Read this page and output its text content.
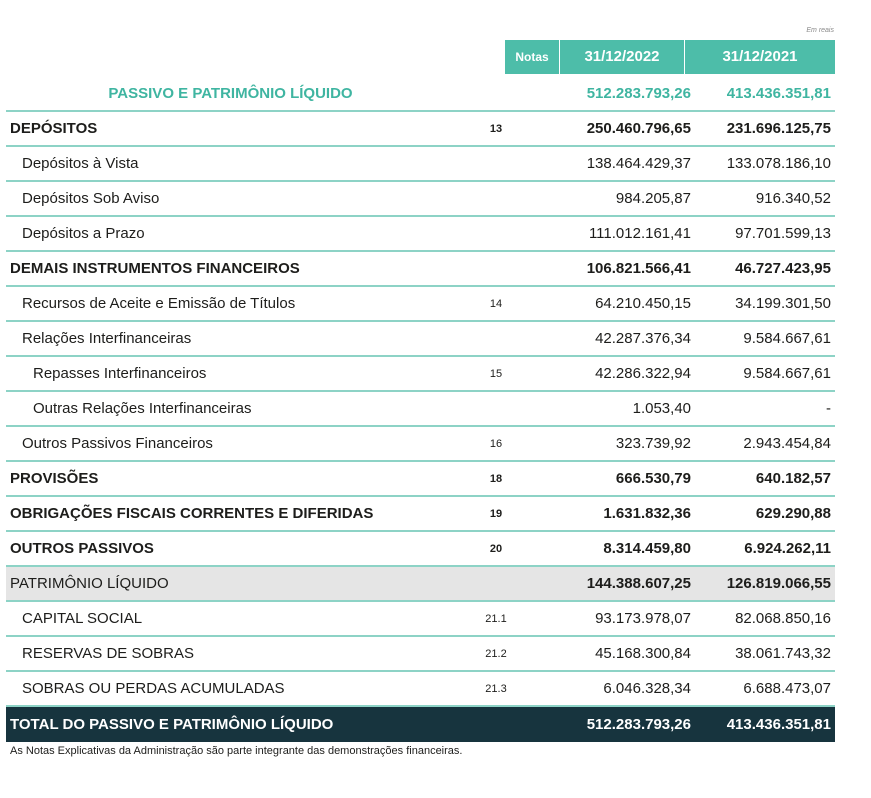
Em reais
Notas	31/12/2022	31/12/2021
PASSIVO E PATRIMÔNIO LÍQUIDO	512.283.793,26	413.436.351,81
DEPÓSITOS	13	250.460.796,65	231.696.125,75
Depósitos à Vista	138.464.429,37	133.078.186,10
Depósitos Sob Aviso	984.205,87	916.340,52
Depósitos a Prazo	111.012.161,41	97.701.599,13
DEMAIS INSTRUMENTOS FINANCEIROS	106.821.566,41	46.727.423,95
Recursos de Aceite e Emissão de Títulos	14	64.210.450,15	34.199.301,50
Relações Interfinanceiras	42.287.376,34	9.584.667,61
Repasses Interfinanceiros	15	42.286.322,94	9.584.667,61
Outras Relações Interfinanceiras	1.053,40	-
Outros Passivos Financeiros	16	323.739,92	2.943.454,84
PROVISÕES	18	666.530,79	640.182,57
OBRIGAÇÕES FISCAIS CORRENTES E DIFERIDAS	19	1.631.832,36	629.290,88
OUTROS PASSIVOS	20	8.314.459,80	6.924.262,11
PATRIMÔNIO LÍQUIDO	144.388.607,25	126.819.066,55
CAPITAL SOCIAL	21.1	93.173.978,07	82.068.850,16
RESERVAS DE SOBRAS	21.2	45.168.300,84	38.061.743,32
SOBRAS OU PERDAS ACUMULADAS	21.3	6.046.328,34	6.688.473,07
TOTAL DO PASSIVO E PATRIMÔNIO LÍQUIDO	512.283.793,26	413.436.351,81
As Notas Explicativas da Administração são parte integrante das demonstrações financeiras.
